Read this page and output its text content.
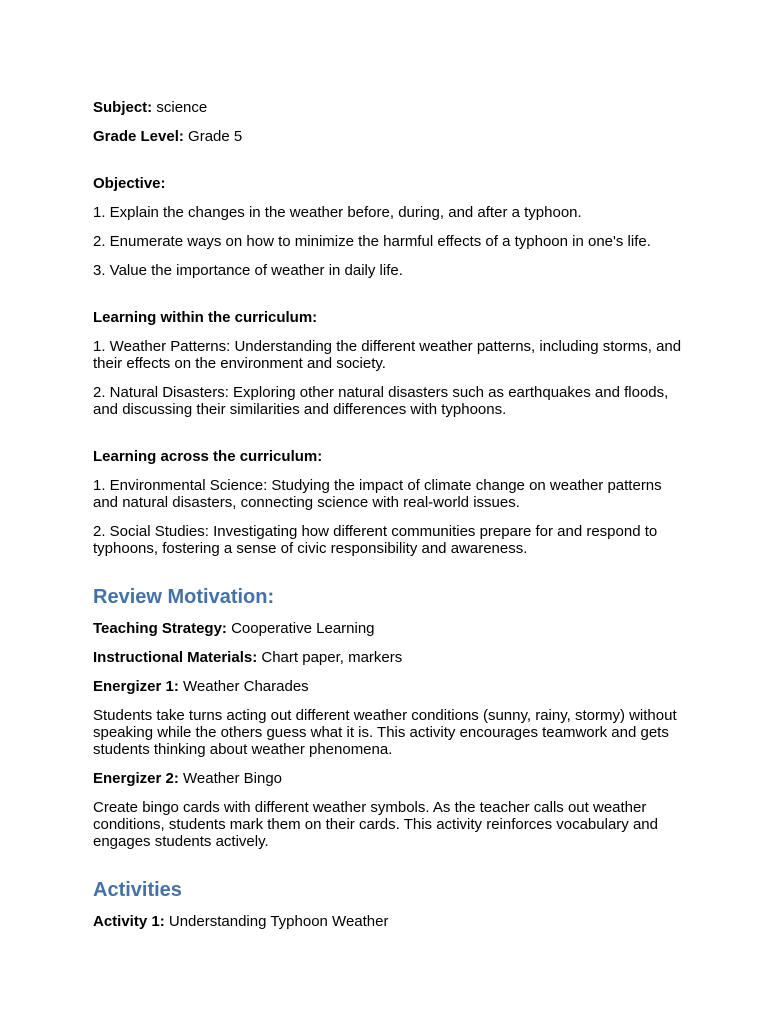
Subject: science

Grade Level: Grade 5

Objective:

1. Explain the changes in the weather before, during, and after a typhoon.

2. Enumerate ways on how to minimize the harmful effects of a typhoon in one's life.

3. Value the importance of weather in daily life.

Learning within the curriculum:

1. Weather Patterns: Understanding the different weather patterns, including storms, and their effects on the environment and society.

2. Natural Disasters: Exploring other natural disasters such as earthquakes and floods, and discussing their similarities and differences with typhoons.

Learning across the curriculum:

1. Environmental Science: Studying the impact of climate change on weather patterns and natural disasters, connecting science with real-world issues.

2. Social Studies: Investigating how different communities prepare for and respond to typhoons, fostering a sense of civic responsibility and awareness.

Review Motivation:

Teaching Strategy: Cooperative Learning

Instructional Materials: Chart paper, markers

Energizer 1: Weather Charades

Students take turns acting out different weather conditions (sunny, rainy, stormy) without speaking while the others guess what it is. This activity encourages teamwork and gets students thinking about weather phenomena.

Energizer 2: Weather Bingo

Create bingo cards with different weather symbols. As the teacher calls out weather conditions, students mark them on their cards. This activity reinforces vocabulary and engages students actively.

Activities

Activity 1: Understanding Typhoon Weather
